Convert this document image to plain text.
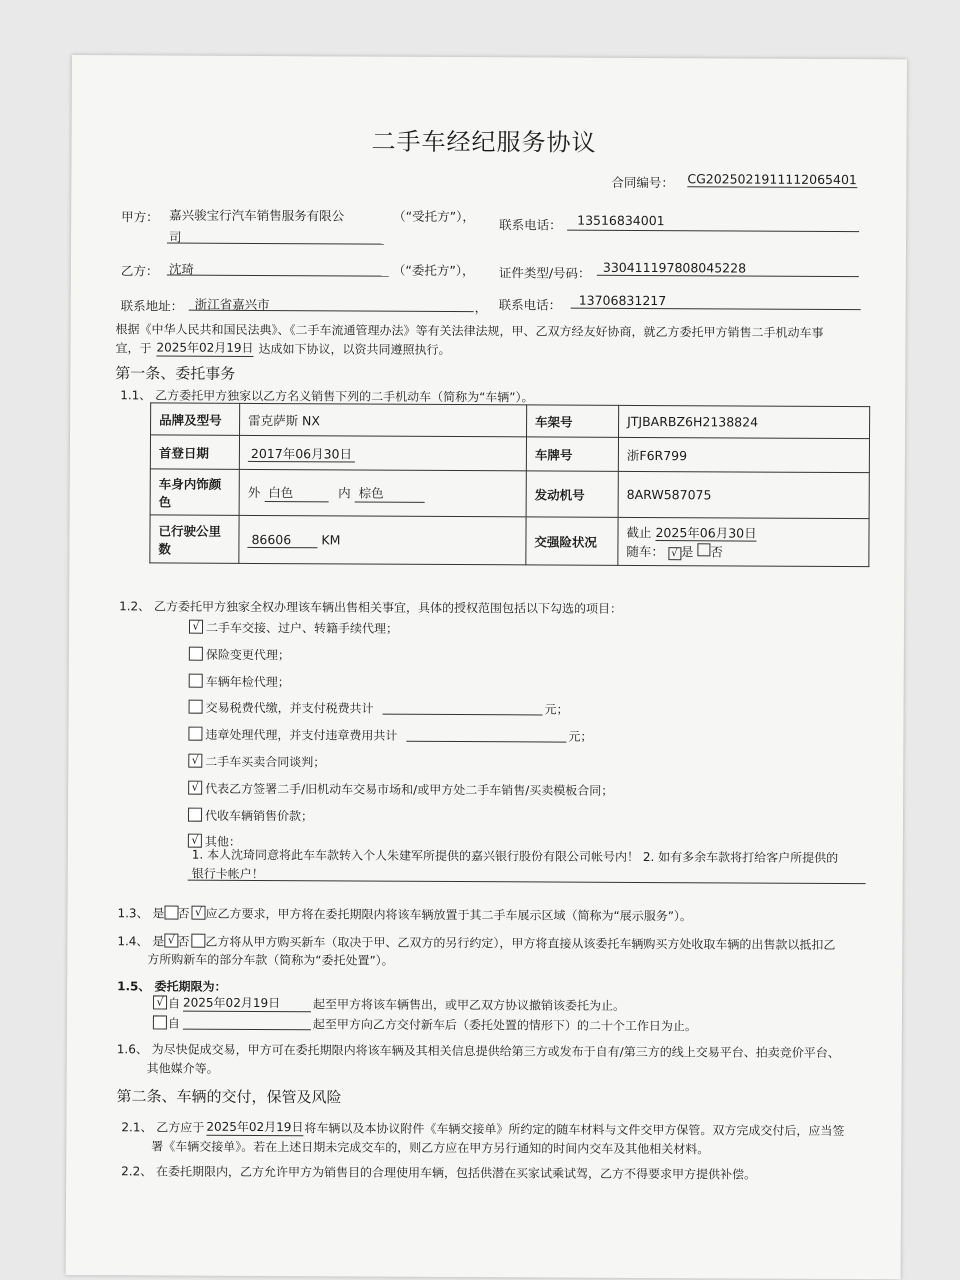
二手车经纪服务协议
合同编号： CG2025021911112065401
甲方： 嘉兴骏宝行汽车销售服务有限公
司
（“受托方”），
联系电话： 13516834001
乙方： 沈琦	（“委托方”）， 证件类型/号码： 330411197808045228
联系地址： 浙江省嘉兴市	， 联系电话： 13706831217
根据《中华人民共和国民法典》、《二手车流通管理办法》等有关法律法规，甲、乙双方经友好协商，就乙方委托甲方销售二手机动车事
宜，于 2025年02月19日 达成如下协议，以资共同遵照执行。
第一条、委托事务
1.1、 乙方委托甲方独家以乙方名义销售下列的二手机动车（简称为“车辆”）。
品牌及型号	雷克萨斯 NX	车架号	JTJBARBZ6H2138824
首登日期	2017年06月30日	车牌号	浙F6R799
车身内饰颜色	外 白色 内 棕色	发动机号	8ARW587075
已行驶公里数	86606 KM	交强险状况	截止 2025年06月30日
随车： √ 是 否
1.2、 乙方委托甲方独家全权办理该车辆出售相关事宜，具体的授权范围包括以下勾选的项目：
√ 二手车交接、过户、转籍手续代理；
保险变更代理；
车辆年检代理；
交易税费代缴，并支付税费共计	元；
违章处理代理，并支付违章费用共计	元；
√ 二手车买卖合同谈判；
√ 代表乙方签署二手/旧机动车交易市场和/或甲方处二手车销售/买卖模板合同；
代收车辆销售价款；
√ 其他：
1. 本人沈琦同意将此车车款转入个人朱建军所提供的嘉兴银行股份有限公司帐号内！ 2. 如有多余车款将打给客户所提供的
银行卡帐户！
1.3、 是 否 √ 应乙方要求，甲方将在委托期限内将该车辆放置于其二手车展示区域（简称为“展示服务”）。
1.4、 是 √ 否 乙方将从甲方购买新车（取决于甲、乙双方的另行约定），甲方将直接从该委托车辆购买方处收取车辆的出售款以抵扣乙
方所购新车的部分车款（简称为“委托处置”）。
1.5、 委托期限为：
√ 自 2025年02月19日	起至甲方将该车辆售出，或甲乙双方协议撤销该委托为止。
自	起至甲方向乙方交付新车后（委托处置的情形下）的二十个工作日为止。
1.6、 为尽快促成交易，甲方可在委托期限内将该车辆及其相关信息提供给第三方或发布于自有/第三方的线上交易平台、拍卖竞价平台、
其他媒介等。
第二条、车辆的交付，保管及风险
2.1、 乙方应于 2025年02月19日 将车辆以及本协议附件《车辆交接单》所约定的随车材料与文件交甲方保管。双方完成交付后，应当签
署《车辆交接单》。若在上述日期未完成交车的，则乙方应在甲方另行通知的时间内交车及其他相关材料。
2.2、 在委托期限内，乙方允许甲方为销售目的合理使用车辆，包括供潜在买家试乘试驾，乙方不得要求甲方提供补偿。
